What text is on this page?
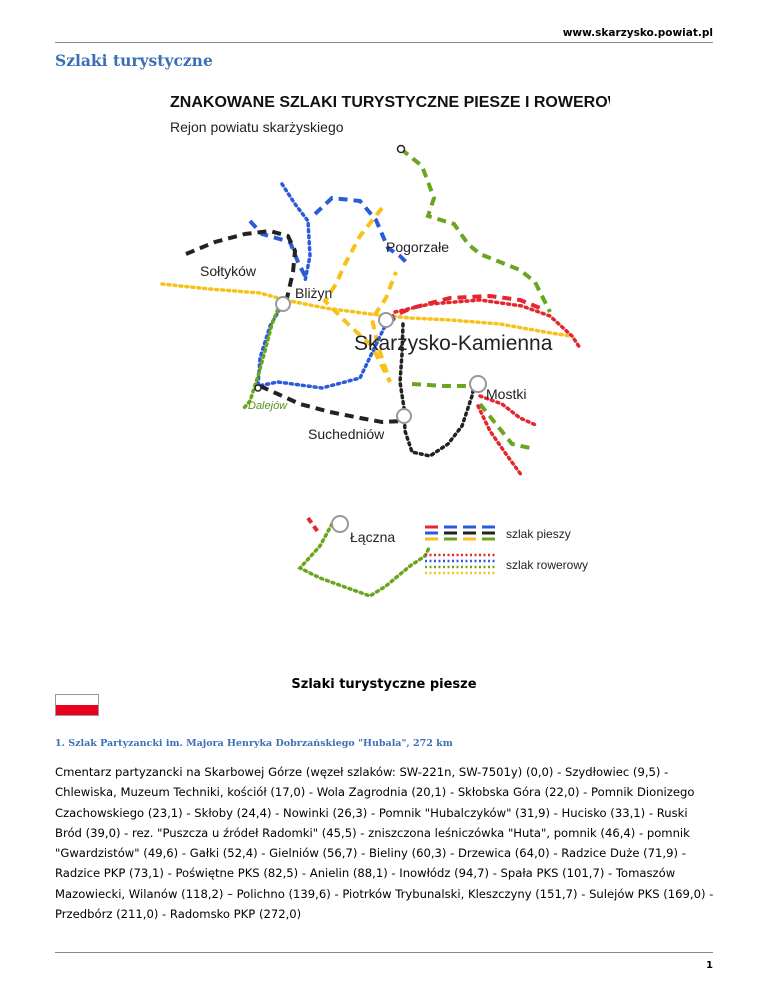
www.skarzysko.powiat.pl
Szlaki turystyczne
ZNAKOWANE SZLAKI TURYSTYCZNE PIESZE I ROWEROWE
Rejon powiatu skarżyskiego
Sołtyków
Bliżyn
Pogorzałe
Skarżysko-Kamienna
Mostki
Dalejów
Suchedniów
Łączna	szlak pieszy
szlak rowerowy
Szlaki turystyczne piesze
1. Szlak Partyzancki im. Majora Henryka Dobrzańskiego "Hubala", 272 km

Cmentarz partyzancki na Skarbowej Górze (węzeł szlaków: SW-221n, SW-7501y) (0,0) - Szydłowiec (9,5) - Chlewiska, Muzeum Techniki, kościół (17,0) - Wola Zagrodnia (20,1) - Skłobska Góra (22,0) - Pomnik Dionizego Czachowskiego (23,1) - Skłoby (24,4) - Nowinki (26,3) - Pomnik "Hubalczyków" (31,9) - Hucisko (33,1) - Ruski Bród (39,0) - rez. "Puszcza u źródeł Radomki" (45,5) - zniszczona leśniczówka "Huta", pomnik (46,4) - pomnik "Gwardzistów" (49,6) - Gałki (52,4) - Gielniów (56,7) - Bieliny (60,3) - Drzewica (64,0) - Radzice Duże (71,9) - Radzice PKP (73,1) - Poświętne PKS (82,5) - Anielin (88,1) - Inowłódz (94,7) - Spała PKS (101,7) - Tomaszów Mazowiecki, Wilanów (118,2) – Polichno (139,6) - Piotrków Trybunalski, Kleszczyny (151,7) - Sulejów PKS (169,0) - Przedbórz (211,0) - Radomsko PKP (272,0)

1
